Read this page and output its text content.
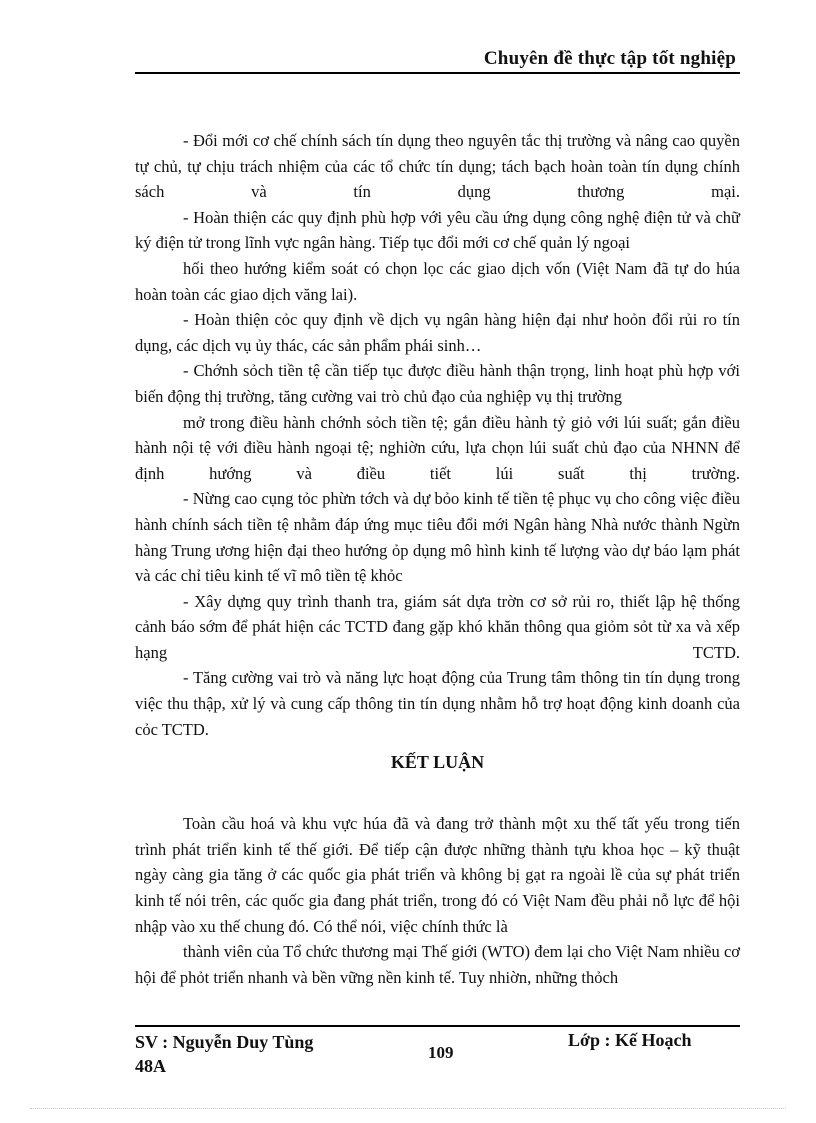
Chuyên đề thực tập tốt nghiệp

- Đổi mới cơ chế chính sách tín dụng theo nguyên tắc thị trường và nâng cao quyền tự chủ, tự chịu trách nhiệm của các tổ chức tín dụng; tách bạch hoàn toàn tín dụng chính sách và tín dụng thương mại.

- Hoàn thiện các quy định phù hợp với yêu cầu ứng dụng công nghệ điện tử và chữ ký điện tử trong lĩnh vực ngân hàng. Tiếp tục đổi mới cơ chế quản lý ngoại

hối theo hướng kiểm soát có chọn lọc các giao dịch vốn (Việt Nam đã tự do húa hoàn toàn các giao dịch văng lai).

- Hoàn thiện cỏc quy định về dịch vụ ngân hàng hiện đại như hoỏn đổi rủi ro tín dụng, các dịch vụ ủy thác, các sản phẩm phái sinh…

- Chớnh sỏch tiền tệ cần tiếp tục được điều hành thận trọng, linh hoạt phù hợp với biến động thị trường, tăng cường vai trò chủ đạo của nghiệp vụ thị trường

mở trong điều hành chớnh sỏch tiền tệ; gắn điều hành tỷ giỏ với lúi suất; gắn điều hành nội tệ với điều hành ngoại tệ; nghiờn cứu, lựa chọn lúi suất chủ đạo của NHNN để định hướng và điều tiết lúi suất thị trường.

- Nừng cao cụng tỏc phừn tớch và dự bỏo kinh tế tiền tệ phục vụ cho công việc điều hành chính sách tiền tệ nhằm đáp ứng mục tiêu đổi mới Ngân hàng Nhà nước thành Ngừn hàng Trung ương hiện đại theo hướng ỏp dụng mô hình kinh tế lượng vào dự báo lạm phát và các chỉ tiêu kinh tế vĩ mô tiền tệ khỏc

- Xây dựng quy trình thanh tra, giám sát dựa trờn cơ sở rủi ro, thiết lập hệ thống cảnh báo sớm để phát hiện các TCTD đang gặp khó khăn thông qua giỏm sỏt từ xa và xếp hạng TCTD.

- Tăng cường vai trò và năng lực hoạt động của Trung tâm thông tin tín dụng trong việc thu thập, xử lý và cung cấp thông tin tín dụng nhằm hỗ trợ hoạt động kinh doanh của cỏc TCTD.

KẾT LUẬN

Toàn cầu hoá và khu vực húa đã và đang trở thành một xu thế tất yếu trong tiến trình phát triển kinh tế thế giới. Để tiếp cận được những thành tựu khoa học – kỹ thuật ngày càng gia tăng ở các quốc gia phát triển và không bị gạt ra ngoài lề của sự phát triển kinh tế nói trên, các quốc gia đang phát triển, trong đó có Việt Nam đều phải nỗ lực để hội nhập vào xu thế chung đó. Có thể nói, việc chính thức là

thành viên của Tổ chức thương mại Thế giới (WTO) đem lại cho Việt Nam nhiều cơ hội để phỏt triển nhanh và bền vững nền kinh tế. Tuy nhiờn, những thỏch

SV : Nguyễn Duy Tùng 48A
109
Lớp : Kế Hoạch
